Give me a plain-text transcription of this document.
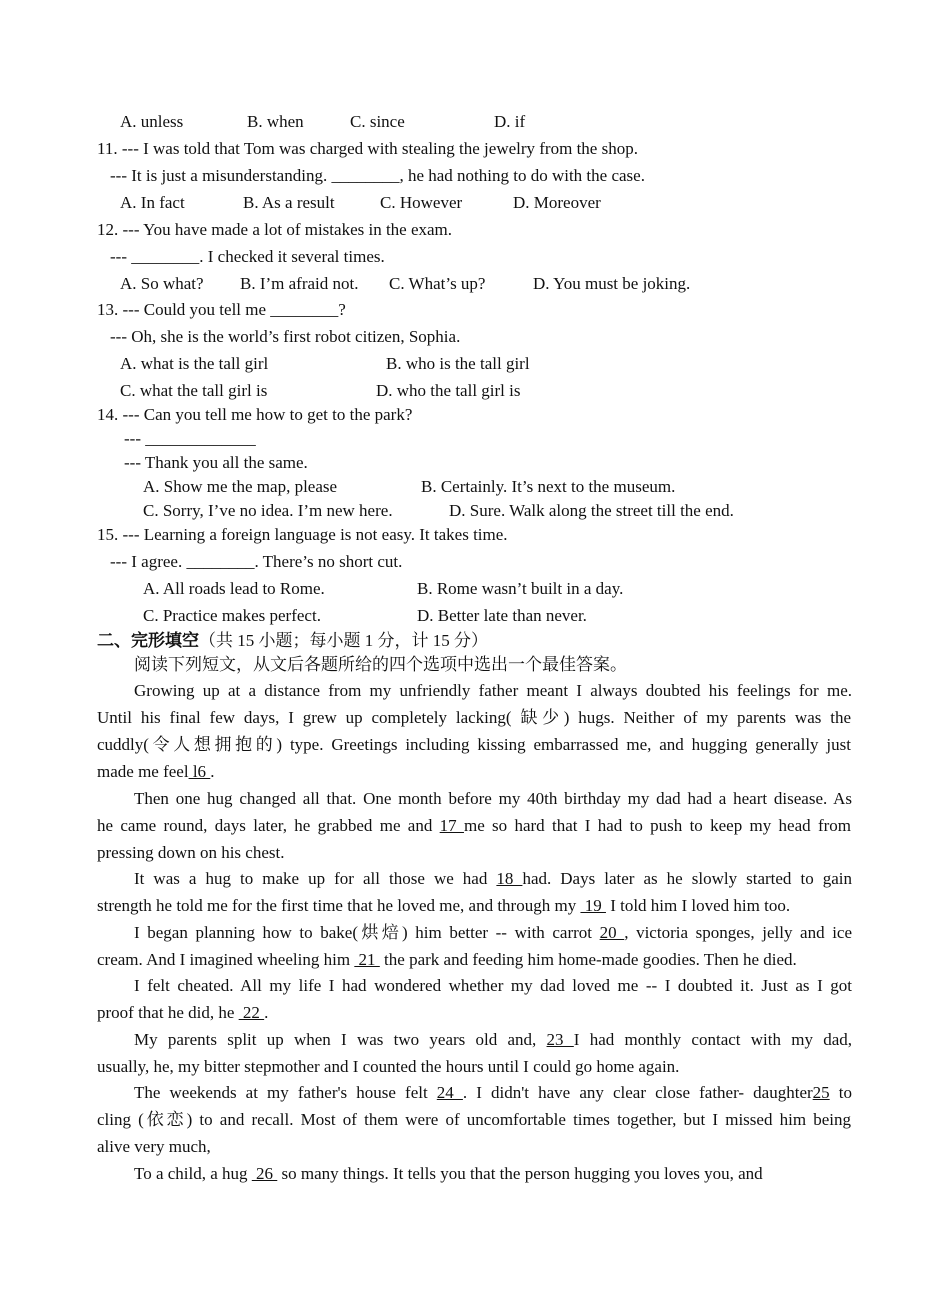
A. unless	B. when	C. since	D. if
11. --- I was told that Tom was charged with stealing the jewelry from the shop.
--- It is just a misunderstanding. ________, he had nothing to do with the case.
A. In fact	B. As a result	C. However	D. Moreover
12. --- You have made a lot of mistakes in the exam.
--- ________. I checked it several times.
A. So what? B. I’m afraid not. C. What’s up?	D. You must be joking.
13. --- Could you tell me ________?
--- Oh, she is the world’s first robot citizen, Sophia.
A. what is the tall girl	B. who is the tall girl
C. what the tall girl is	D. who the tall girl is
14. --- Can you tell me how to get to the park?
--- _____________
--- Thank you all the same.
A. Show me the map, please	B. Certainly. It’s next to the museum.
C. Sorry, I’ve no idea. I’m new here.	D. Sure. Walk along the street till the end.
15. --- Learning a foreign language is not easy. It takes time.
--- I agree. ________. There’s no short cut.
A. All roads lead to Rome.	B. Rome wasn’t built in a day.
C. Practice makes perfect.	D. Better late than never.
二、完形填空（共 15 小题；每小题 1 分，计 15 分）
阅读下列短文，从文后各题所给的四个选项中选出一个最佳答案。
Growing up at a distance from my unfriendly father meant I always doubted his feelings for me.
Until his final few days, I grew up completely lacking( 缺少) hugs. Neither of my parents was the
cuddly(令人想拥抱的) type. Greetings including kissing embarrassed me, and hugging generally just
made me feel l6 .
Then one hug changed all that. One month before my 40th birthday my dad had a heart disease. As
he came round, days later, he grabbed me and 17 me so hard that I had to push to keep my head from
pressing down on his chest.
It was a hug to make up for all those we had 18 had. Days later as he slowly started to gain
strength he told me for the first time that he loved me, and through my  19  I told him I loved him too.
I began planning how to bake(烘焙) him better -- with carrot 20 , victoria sponges, jelly and ice
cream. And I imagined wheeling him  21  the park and feeding him home-made goodies. Then he died.
I felt cheated. All my life I had wondered whether my dad loved me -- I doubted it. Just as I got
proof that he did, he  22 .
My parents split up when I was two years old and, 23 I had monthly contact with my dad,
usually, he, my bitter stepmother and I counted the hours until I could go home again.
The weekends at my father's house felt 24 . I didn't have any clear close father- daughter25 to
cling (依恋) to and recall. Most of them were of uncomfortable times together, but I missed him being
alive very much,
To a child, a hug  26  so many things. It tells you that the person hugging you loves you, and
